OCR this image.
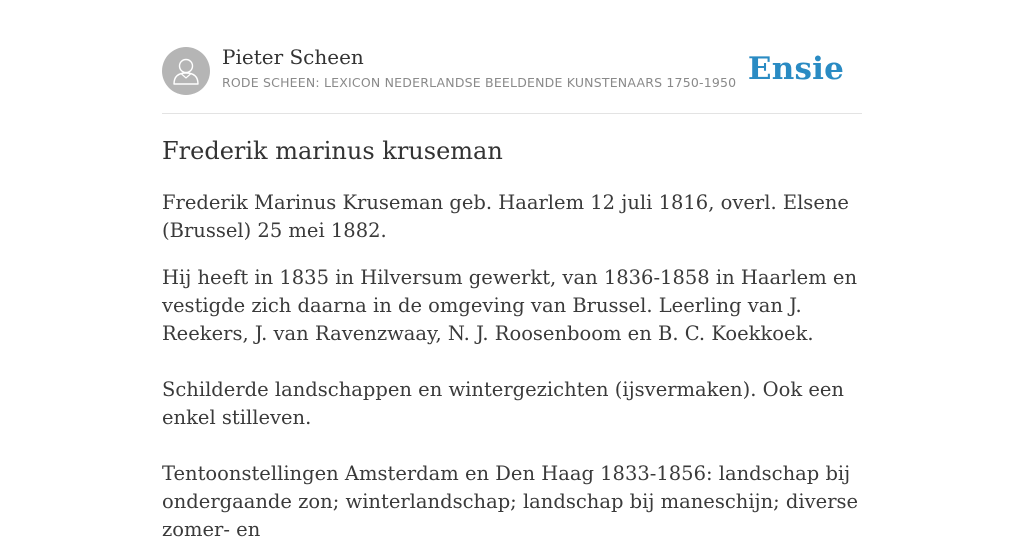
Pieter Scheen
RODE SCHEEN: LEXICON NEDERLANDSE BEELDENDE KUNSTENAARS 1750-1950 Ensie
Frederik marinus kruseman

Frederik Marinus Kruseman geb. Haarlem 12 juli 1816, overl. Elsene (Brussel) 25 mei 1882.

Hij heeft in 1835 in Hilversum gewerkt, van 1836-1858 in Haarlem en vestigde zich daarna in de omgeving van Brussel. Leerling van J. Reekers, J. van Ravenzwaay, N. J. Roosenboom en B. C. Koekkoek.

Schilderde landschappen en wintergezichten (ijsvermaken). Ook een enkel stilleven.

Tentoonstellingen Amsterdam en Den Haag 1833-1856: landschap bij ondergaande zon; winterlandschap; landschap bij maneschijn; diverse zomer- en
